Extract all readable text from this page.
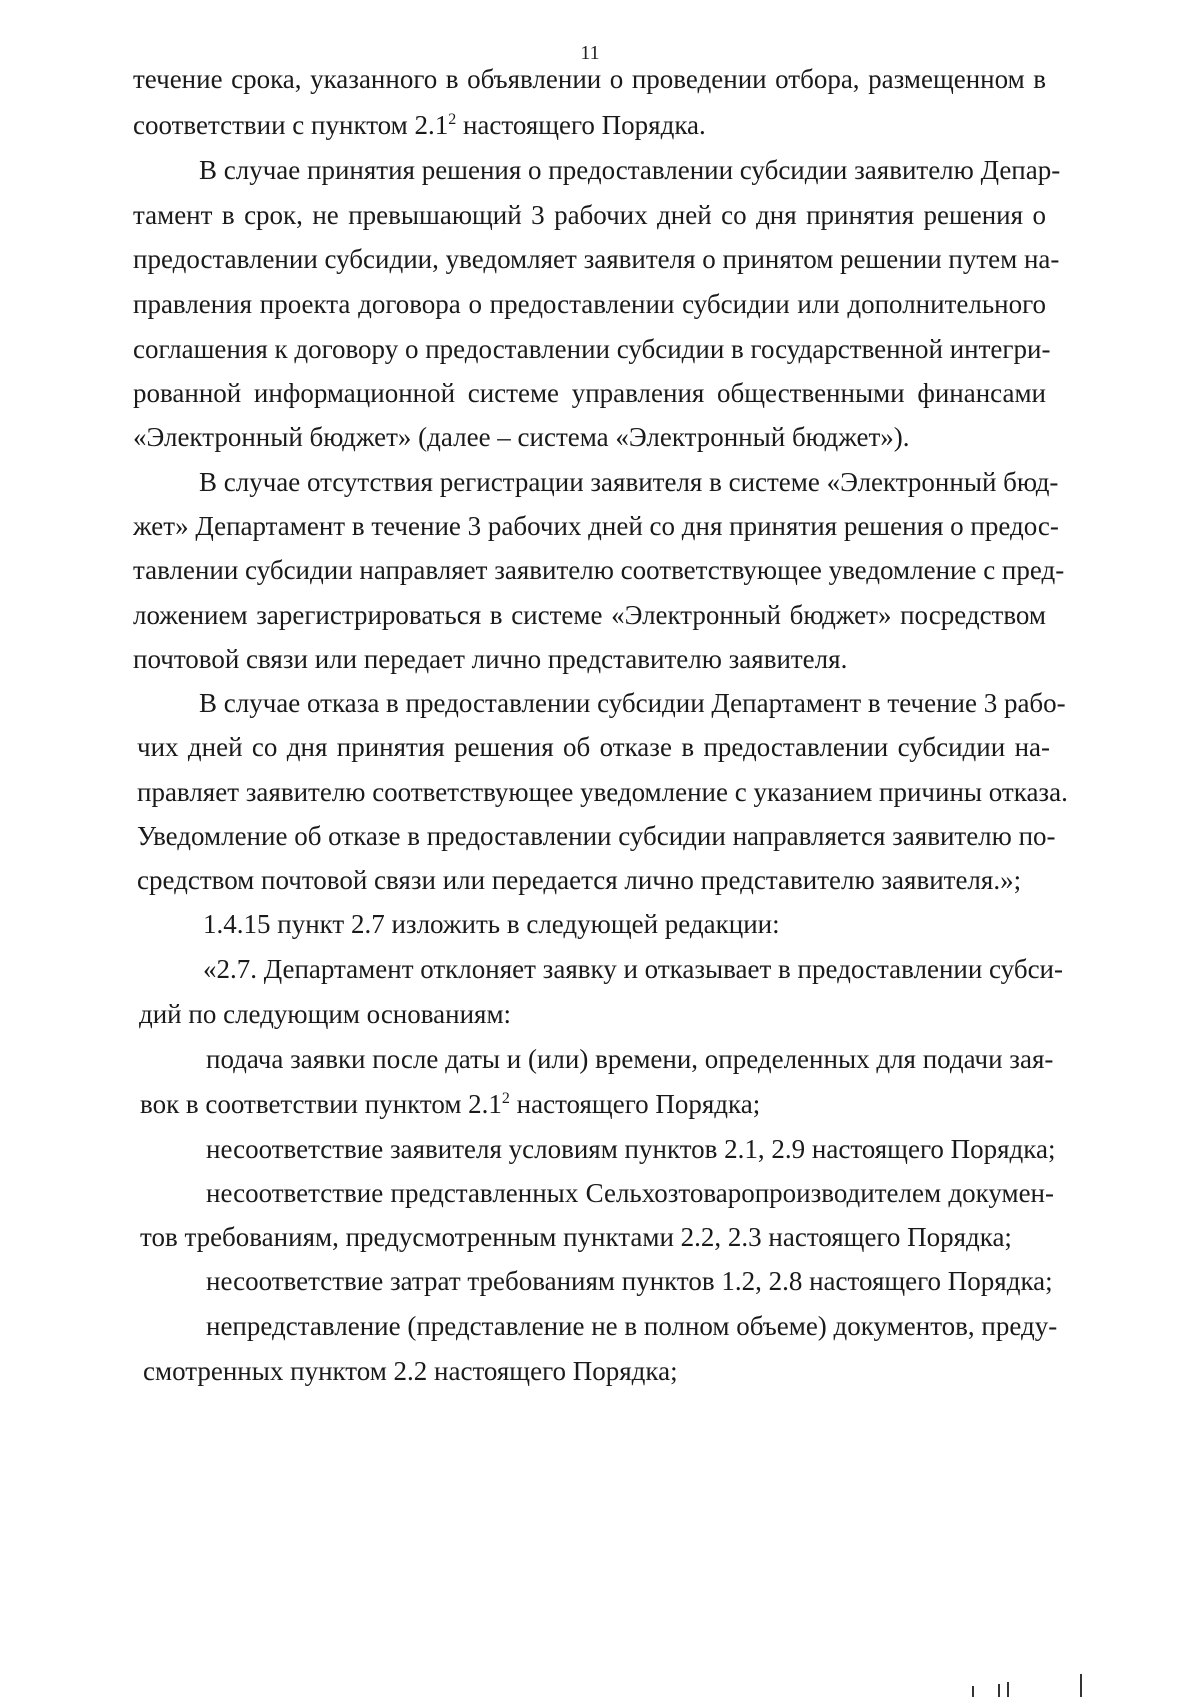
11
течение срока, указанного в объявлении о проведении отбора, размещенном в
соответствии с пунктом $2.1^2$ настоящего Порядка.
В случае принятия решения о предоставлении субсидии заявителю Депар-
тамент в срок, не превышающий 3 рабочих дней со дня принятия решения о
предоставлении субсидии, уведомляет заявителя о принятом решении путем на-
правления проекта договора о предоставлении субсидии или дополнительного
соглашения к договору о предоставлении субсидии в государственной интегри-
рованной информационной системе управления общественными финансами
«Электронный бюджет» (далее – система «Электронный бюджет»).
В случае отсутствия регистрации заявителя в системе «Электронный бюд-
жет» Департамент в течение 3 рабочих дней со дня принятия решения о предос-
тавлении субсидии направляет заявителю соответствующее уведомление с пред-
ложением зарегистрироваться в системе «Электронный бюджет» посредством
почтовой связи или передает лично представителю заявителя.
В случае отказа в предоставлении субсидии Департамент в течение 3 рабо-
чих дней со дня принятия решения об отказе в предоставлении субсидии на-
правляет заявителю соответствующее уведомление с указанием причины отказа.
Уведомление об отказе в предоставлении субсидии направляется заявителю по-
средством почтовой связи или передается лично представителю заявителя.»;
1.4.15 пункт 2.7 изложить в следующей редакции:
«2.7. Департамент отклоняет заявку и отказывает в предоставлении субси-
дий по следующим основаниям:
подача заявки после даты и (или) времени, определенных для подачи зая-
вок в соответствии пунктом $2.1^2$ настоящего Порядка;
несоответствие заявителя условиям пунктов 2.1, 2.9 настоящего Порядка;
несоответствие представленных Сельхозтоваропроизводителем докумен-
тов требованиям, предусмотренным пунктами 2.2, 2.3 настоящего Порядка;
несоответствие затрат требованиям пунктов 1.2, 2.8 настоящего Порядка;
непредставление (представление не в полном объеме) документов, преду-
смотренных пунктом 2.2 настоящего Порядка;
